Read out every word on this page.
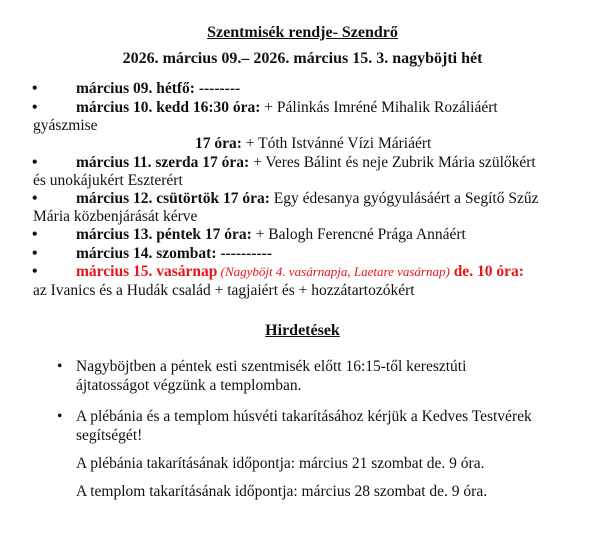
Szentmisék rendje- Szendrő
2026. március 09.– 2026. március 15. 3. nagyböjti hét
• március 09. hétfő: --------
• március 10. kedd 16:30 óra: + Pálinkás Imréné Mihalik Rozáliáért
gyászmise
17 óra: + Tóth Istvánné Vízi Máriáért
• március 11. szerda 17 óra: + Veres Bálint és neje Zubrik Mária szülőkért
és unokájukért Eszterért
• március 12. csütörtök 17 óra: Egy édesanya gyógyulásáért a Segítő Szűz
Mária közbenjárását kérve
• március 13. péntek 17 óra: + Balogh Ferencné Prága Annáért
• március 14. szombat: ----------
• március 15. vasárnap (Nagyböjt 4. vasárnapja, Laetare vasárnap) de. 10 óra:
az Ivanics és a Hudák család + tagjaiért és + hozzátartozókért
Hirdetések
• Nagyböjtben a péntek esti szentmisék előtt 16:15-től keresztúti
ájtatosságot végzünk a templomban.
• A plébánia és a templom húsvéti takarításához kérjük a Kedves Testvérek
segítségét!
A plébánia takarításának időpontja: március 21 szombat de. 9 óra.
A templom takarításának időpontja: március 28 szombat de. 9 óra.
